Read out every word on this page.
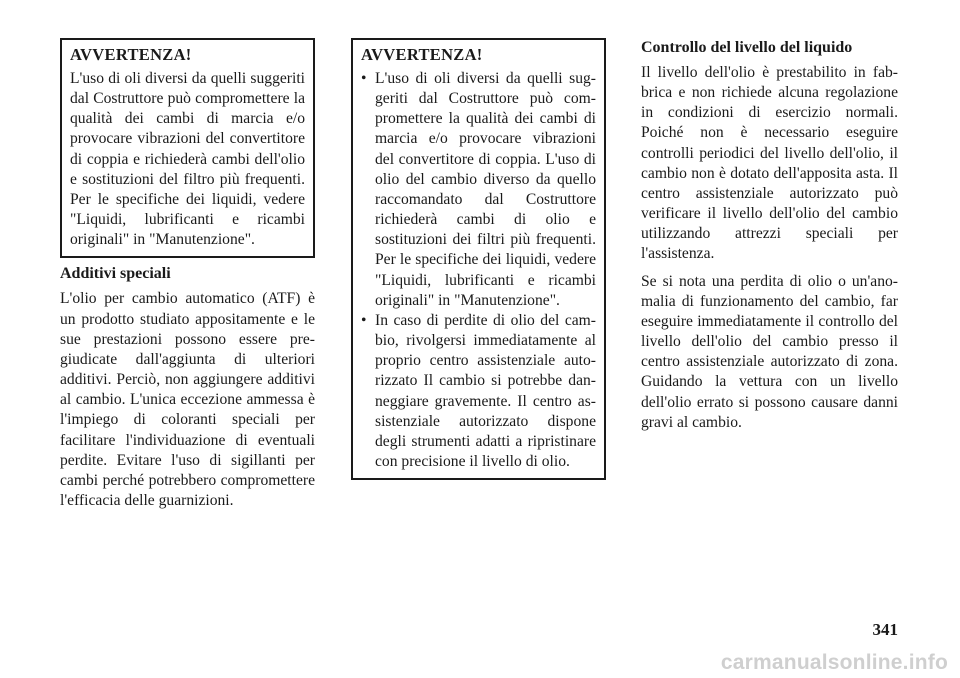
AVVERTENZA!

L'uso di oli diversi da quelli suggeriti dal Costruttore può compromettere la qualità dei cambi di marcia e/o provocare vibrazioni del convertitore di coppia e richiederà cambi dell'olio e sostituzioni del filtro più frequenti. Per le specifiche dei liquidi, vedere "Liquidi, lubrificanti e ricambi originali" in "Manutenzione".

Additivi speciali

L'olio per cambio automatico (ATF) è un prodotto studiato appositamente e le sue prestazioni possono essere pregiudicate dall'aggiunta di ulteriori additivi. Perciò, non aggiungere additivi al cambio. L'unica eccezione ammessa è l'impiego di coloranti speciali per facilitare l'individuazione di eventuali perdite. Evitare l'uso di sigillanti per cambi perché potrebbero compromettere l'efficacia delle guarnizioni.

AVVERTENZA!
• L'uso di oli diversi da quelli suggeriti dal Costruttore può compromettere la qualità dei cambi di marcia e/o provocare vibrazioni del convertitore di coppia. L'uso di olio del cambio diverso da quello raccomandato dal Costruttore richiederà cambi di olio e sostituzioni dei filtri più frequenti. Per le specifiche dei liquidi, vedere "Liquidi, lubrificanti e ricambi originali" in "Manutenzione".
• In caso di perdite di olio del cambio, rivolgersi immediatamente al proprio centro assistenziale autorizzato Il cambio si potrebbe danneggiare gravemente. Il centro assistenziale autorizzato dispone degli strumenti adatti a ripristinare con precisione il livello di olio.
Controllo del livello del liquido

Il livello dell'olio è prestabilito in fabbrica e non richiede alcuna regolazione in condizioni di esercizio normali. Poiché non è necessario eseguire controlli periodici del livello dell'olio, il cambio non è dotato dell'apposita asta. Il centro assistenziale autorizzato può verificare il livello dell'olio del cambio utilizzando attrezzi speciali per l'assistenza.

Se si nota una perdita di olio o un'anomalia di funzionamento del cambio, far eseguire immediatamente il controllo del livello dell'olio del cambio presso il centro assistenziale autorizzato di zona. Guidando la vettura con un livello dell'olio errato si possono causare danni gravi al cambio.

341
carmanualsonline.info
